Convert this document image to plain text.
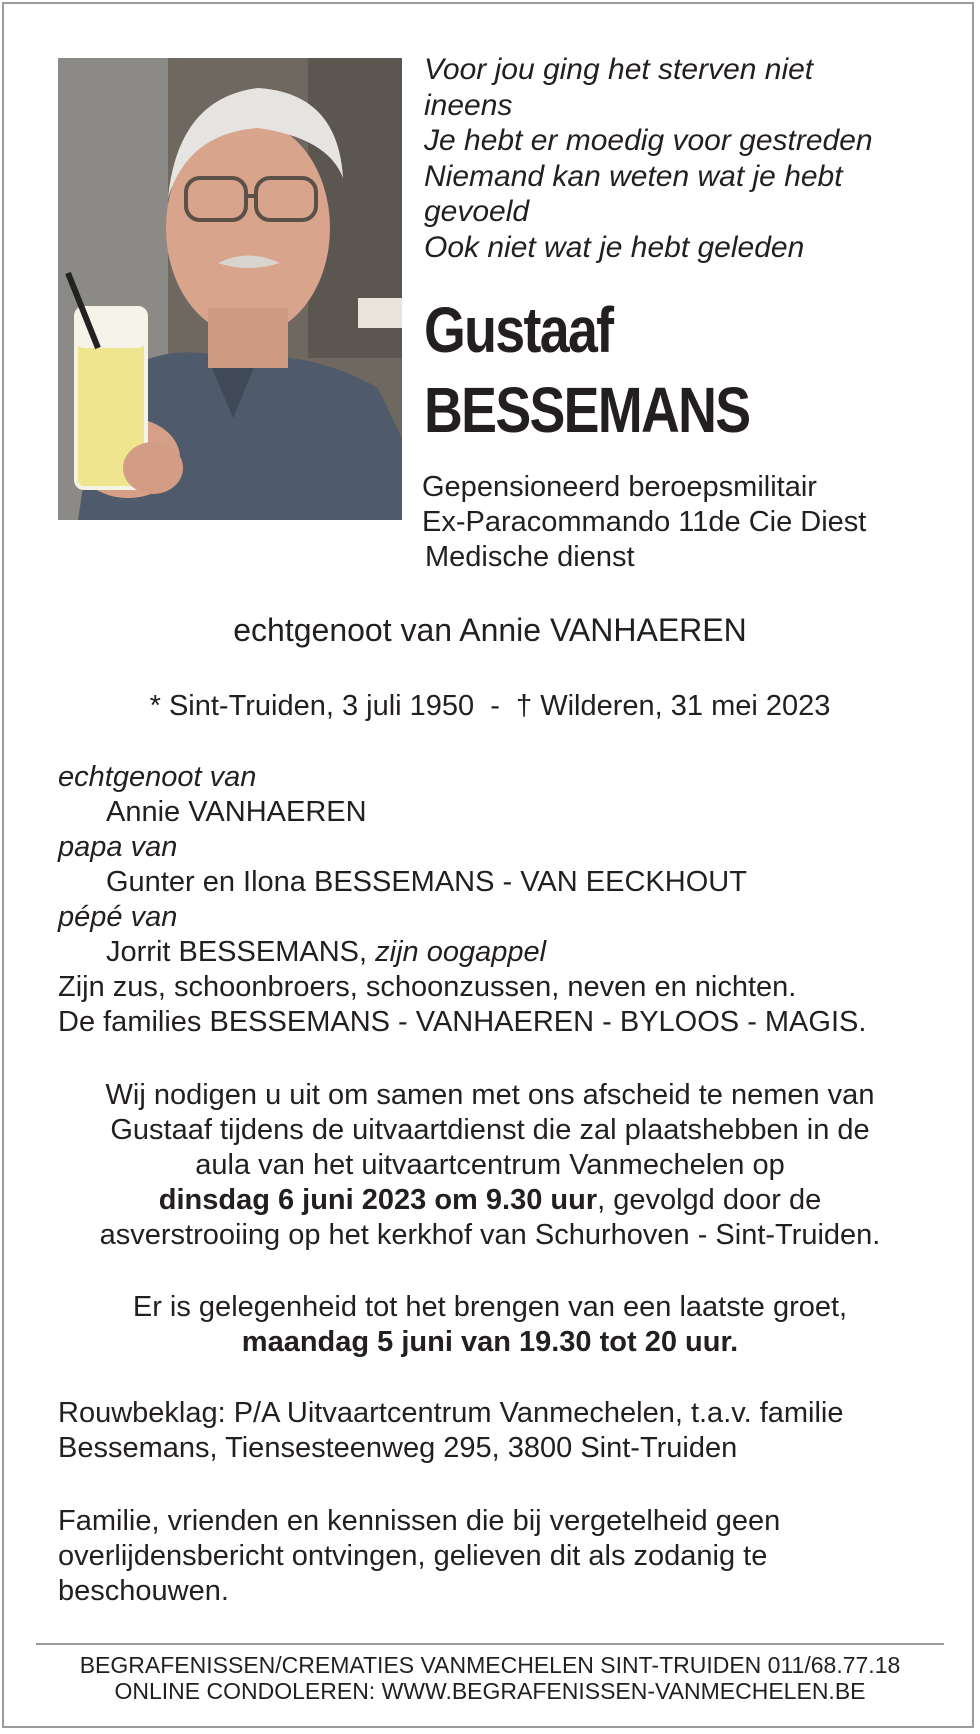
Voor jou ging het sterven niet
ineens
Je hebt er moedig voor gestreden
Niemand kan weten wat je hebt
gevoeld
Ook niet wat je hebt geleden
Gustaaf
BESSEMANS
Gepensioneerd beroepsmilitair
Ex-Paracommando 11de Cie Diest
Medische dienst
echtgenoot van Annie VANHAEREN
* Sint-Truiden, 3 juli 1950  -  † Wilderen, 31 mei 2023
echtgenoot van
Annie VANHAEREN
papa van
Gunter en Ilona BESSEMANS - VAN EECKHOUT
pépé van
Jorrit BESSEMANS, zijn oogappel
Zijn zus, schoonbroers, schoonzussen, neven en nichten.
De families BESSEMANS - VANHAEREN - BYLOOS - MAGIS.
Wij nodigen u uit om samen met ons afscheid te nemen van
Gustaaf tijdens de uitvaartdienst die zal plaatshebben in de
aula van het uitvaartcentrum Vanmechelen op
dinsdag 6 juni 2023 om 9.30 uur, gevolgd door de
asverstrooiing op het kerkhof van Schurhoven - Sint-Truiden.
Er is gelegenheid tot het brengen van een laatste groet,
maandag 5 juni van 19.30 tot 20 uur.
Rouwbeklag: P/A Uitvaartcentrum Vanmechelen, t.a.v. familie
Bessemans, Tiensesteenweg 295, 3800 Sint-Truiden
Familie, vrienden en kennissen die bij vergetelheid geen
overlijdensbericht ontvingen, gelieven dit als zodanig te
beschouwen.
BEGRAFENISSEN/CREMATIES VANMECHELEN SINT-TRUIDEN 011/68.77.18
ONLINE CONDOLEREN: WWW.BEGRAFENISSEN-VANMECHELEN.BE
